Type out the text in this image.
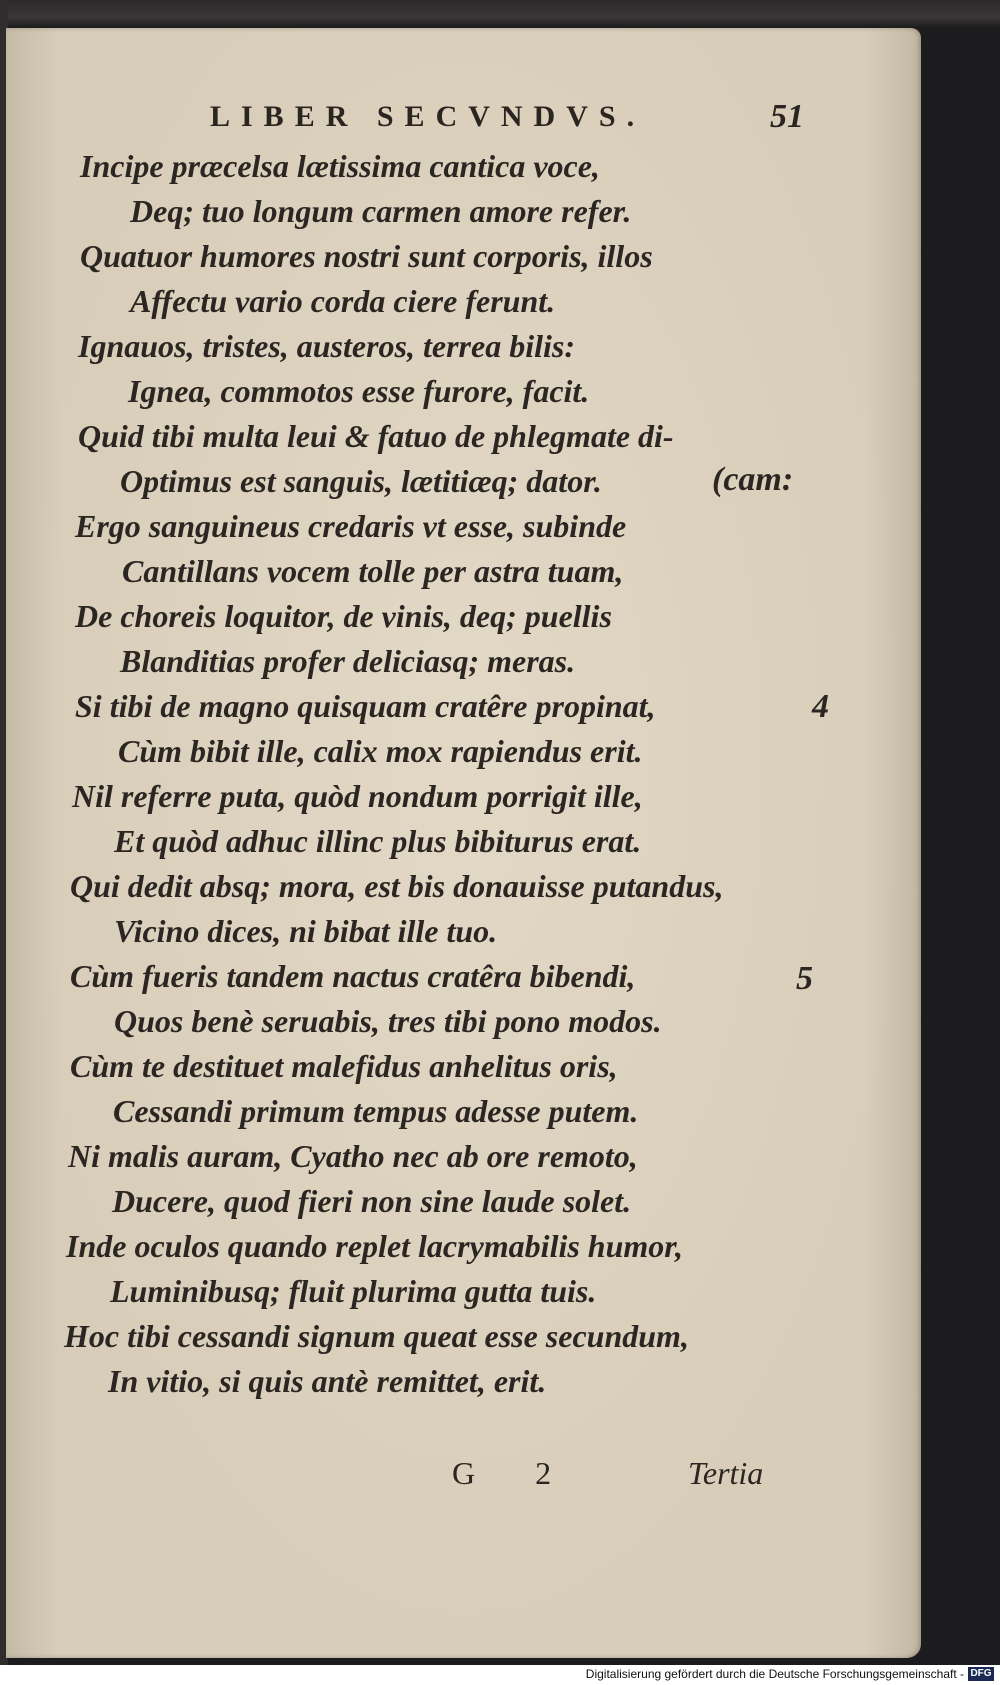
LIBER SECVNDVS.	51
Incipe præcelsa lætissima cantica voce,
Deq; tuo longum carmen amore refer.
Quatuor humores nostri sunt corporis, illos
Affectu vario corda ciere ferunt.
Ignauos, tristes, austeros, terrea bilis:
Ignea, commotos esse furore, facit.
Quid tibi multa leui & fatuo de phlegmate di-
Optimus est sanguis, lætitiæq; dator.	(cam:
Ergo sanguineus credaris vt esse, subinde
Cantillans vocem tolle per astra tuam,
De choreis loquitor, de vinis, deq; puellis
Blanditias profer deliciasq; meras.
Si tibi de magno quisquam cratêre propinat,	4
Cùm bibit ille, calix mox rapiendus erit.
Nil referre puta, quòd nondum porrigit ille,
Et quòd adhuc illinc plus bibiturus erat.
Qui dedit absq; mora, est bis donauisse putandus,
Vicino dices, ni bibat ille tuo.
Cùm fueris tandem nactus cratêra bibendi,	5
Quos benè seruabis, tres tibi pono modos.
Cùm te destituet malefidus anhelitus oris,
Cessandi primum tempus adesse putem.
Ni malis auram, Cyatho nec ab ore remoto,
Ducere, quod fieri non sine laude solet.
Inde oculos quando replet lacrymabilis humor,
Luminibusq; fluit plurima gutta tuis.
Hoc tibi cessandi signum queat esse secundum,
In vitio, si quis antè remittet, erit.
G 2	Tertia
Digitalisierung gefördert durch die Deutsche Forschungsgemeinschaft - DFG
